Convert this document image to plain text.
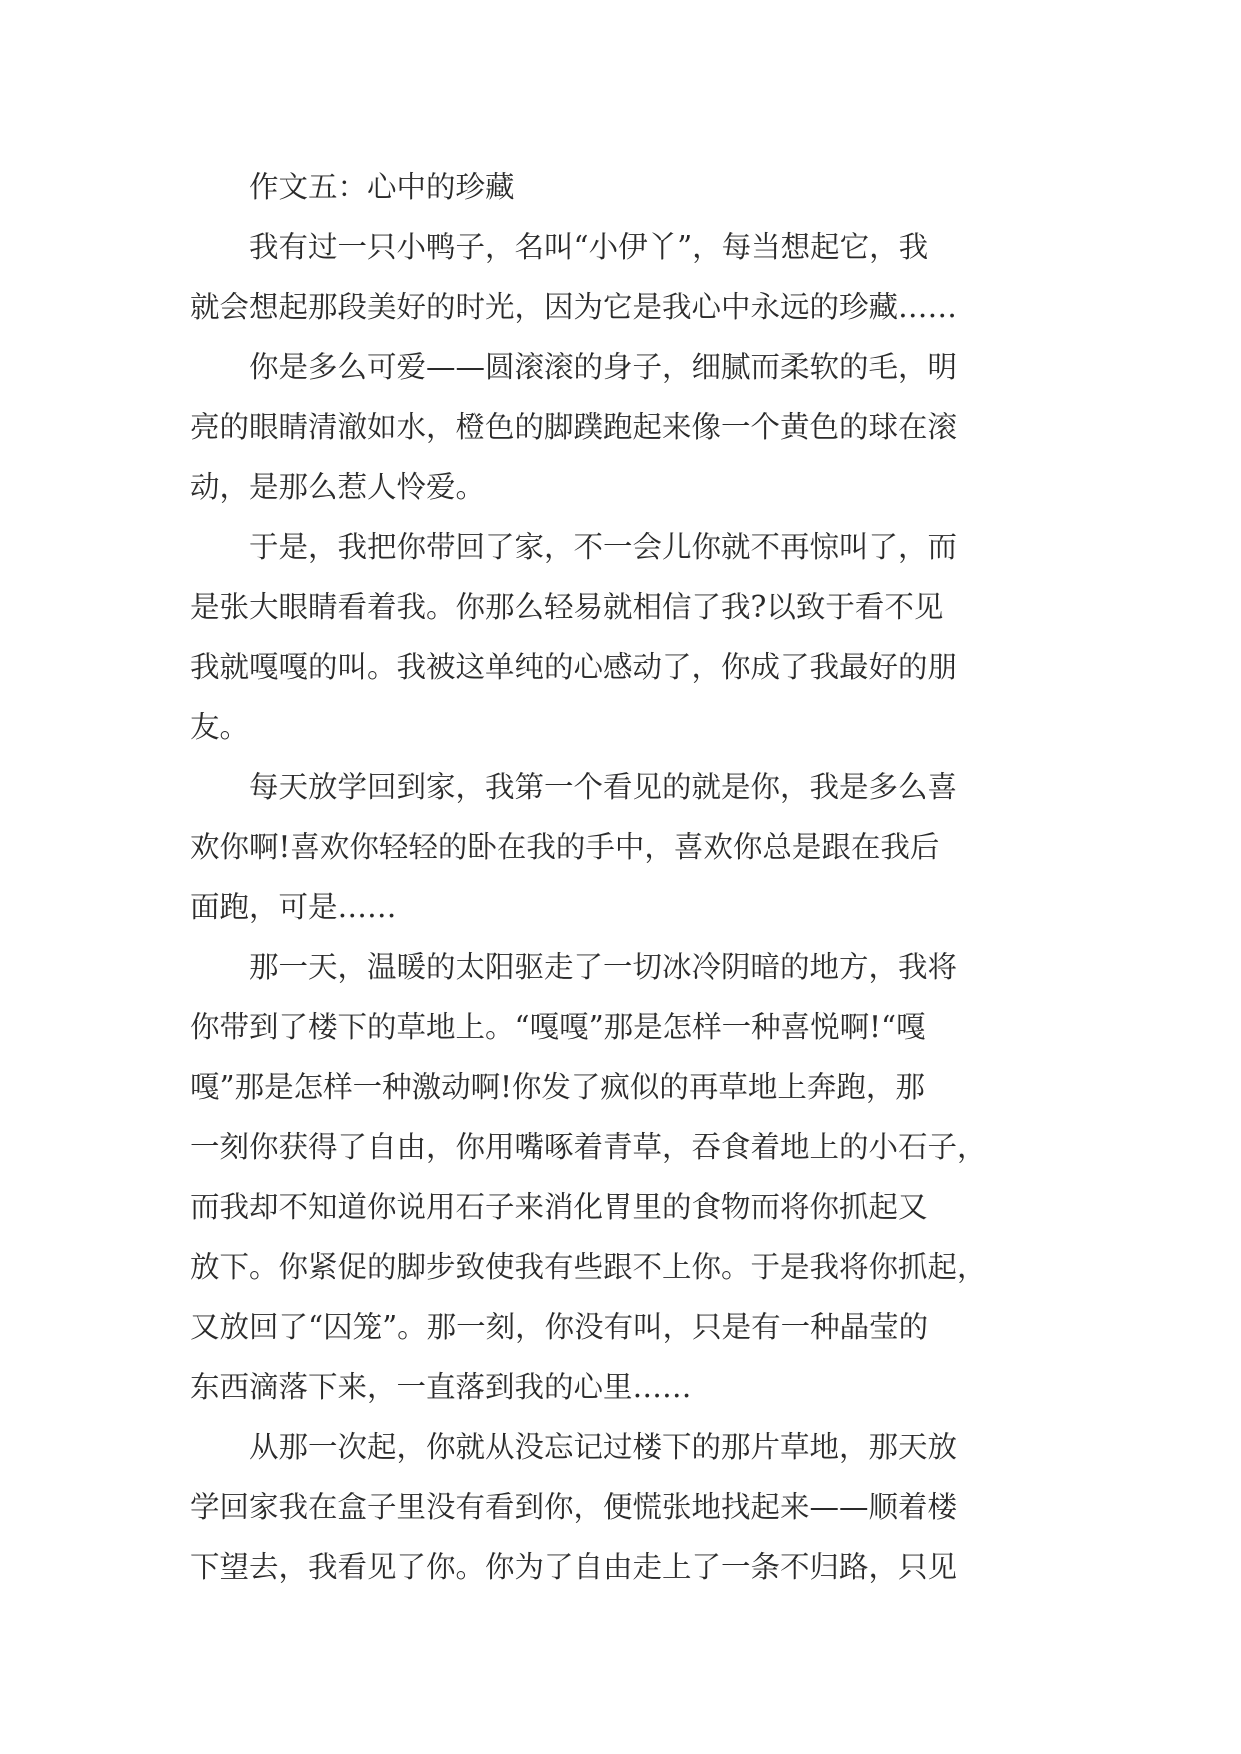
作文五：心中的珍藏
我有过一只小鸭子，名叫“小伊丫”，每当想起它，我
就会想起那段美好的时光，因为它是我心中永远的珍藏……
你是多么可爱——圆滚滚的身子，细腻而柔软的毛，明
亮的眼睛清澈如水，橙色的脚蹼跑起来像一个黄色的球在滚
动，是那么惹人怜爱。
于是，我把你带回了家，不一会儿你就不再惊叫了，而
是张大眼睛看着我。你那么轻易就相信了我?以致于看不见
我就嘎嘎的叫。我被这单纯的心感动了，你成了我最好的朋
友。
每天放学回到家，我第一个看见的就是你，我是多么喜
欢你啊!喜欢你轻轻的卧在我的手中，喜欢你总是跟在我后
面跑，可是……
那一天，温暖的太阳驱走了一切冰冷阴暗的地方，我将
你带到了楼下的草地上。“嘎嘎”那是怎样一种喜悦啊!“嘎
嘎”那是怎样一种激动啊!你发了疯似的再草地上奔跑，那
一刻你获得了自由，你用嘴啄着青草，吞食着地上的小石子，
而我却不知道你说用石子来消化胃里的食物而将你抓起又
放下。你紧促的脚步致使我有些跟不上你。于是我将你抓起，
又放回了“囚笼”。那一刻，你没有叫，只是有一种晶莹的
东西滴落下来，一直落到我的心里……
从那一次起，你就从没忘记过楼下的那片草地，那天放
学回家我在盒子里没有看到你，便慌张地找起来——顺着楼
下望去，我看见了你。你为了自由走上了一条不归路，只见
